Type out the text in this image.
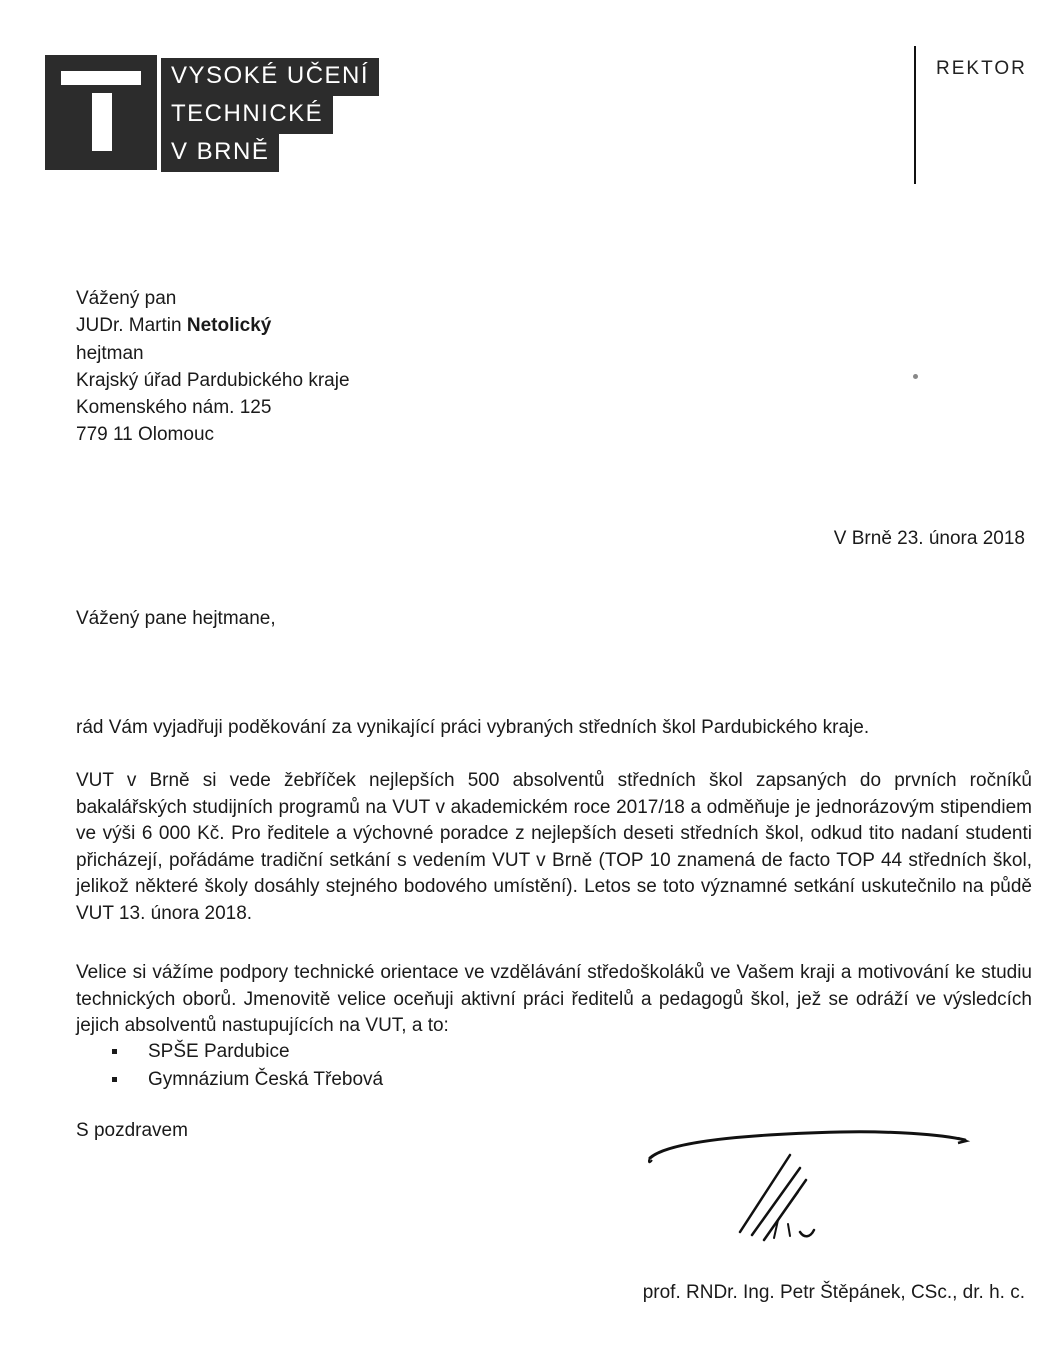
VYSOKÉ UČENÍ
TECHNICKÉ
V BRNĚ
REKTOR
Vážený pan
JUDr. Martin Netolický
hejtman
Krajský úřad Pardubického kraje
Komenského nám. 125
779 11 Olomouc
V Brně 23. února 2018
Vážený pane hejtmane,
rád Vám vyjadřuji poděkování za vynikající práci vybraných středních škol Pardubického kraje.
VUT v Brně si vede žebříček nejlepších 500 absolventů středních škol zapsaných do prvních ročníků bakalářských studijních programů na VUT v akademickém roce 2017/18 a odměňuje je jednorázovým stipendiem ve výši 6 000 Kč. Pro ředitele a výchovné poradce z nejlepších deseti středních škol, odkud tito nadaní studenti přicházejí, pořádáme tradiční setkání s vedením VUT v Brně (TOP 10 znamená de facto TOP 44 středních škol, jelikož některé školy dosáhly stejného bodového umístění). Letos se toto významné setkání uskutečnilo na půdě VUT 13. února 2018.
Velice si vážíme podpory technické orientace ve vzdělávání středoškoláků ve Vašem kraji a motivování ke studiu technických oborů. Jmenovitě velice oceňuji aktivní práci ředitelů a pedagogů škol, jež se odráží ve výsledcích jejich absolventů nastupujících na VUT, a to:
SPŠE Pardubice
Gymnázium Česká Třebová
S pozdravem
prof. RNDr. Ing. Petr Štěpánek, CSc., dr. h. c.
